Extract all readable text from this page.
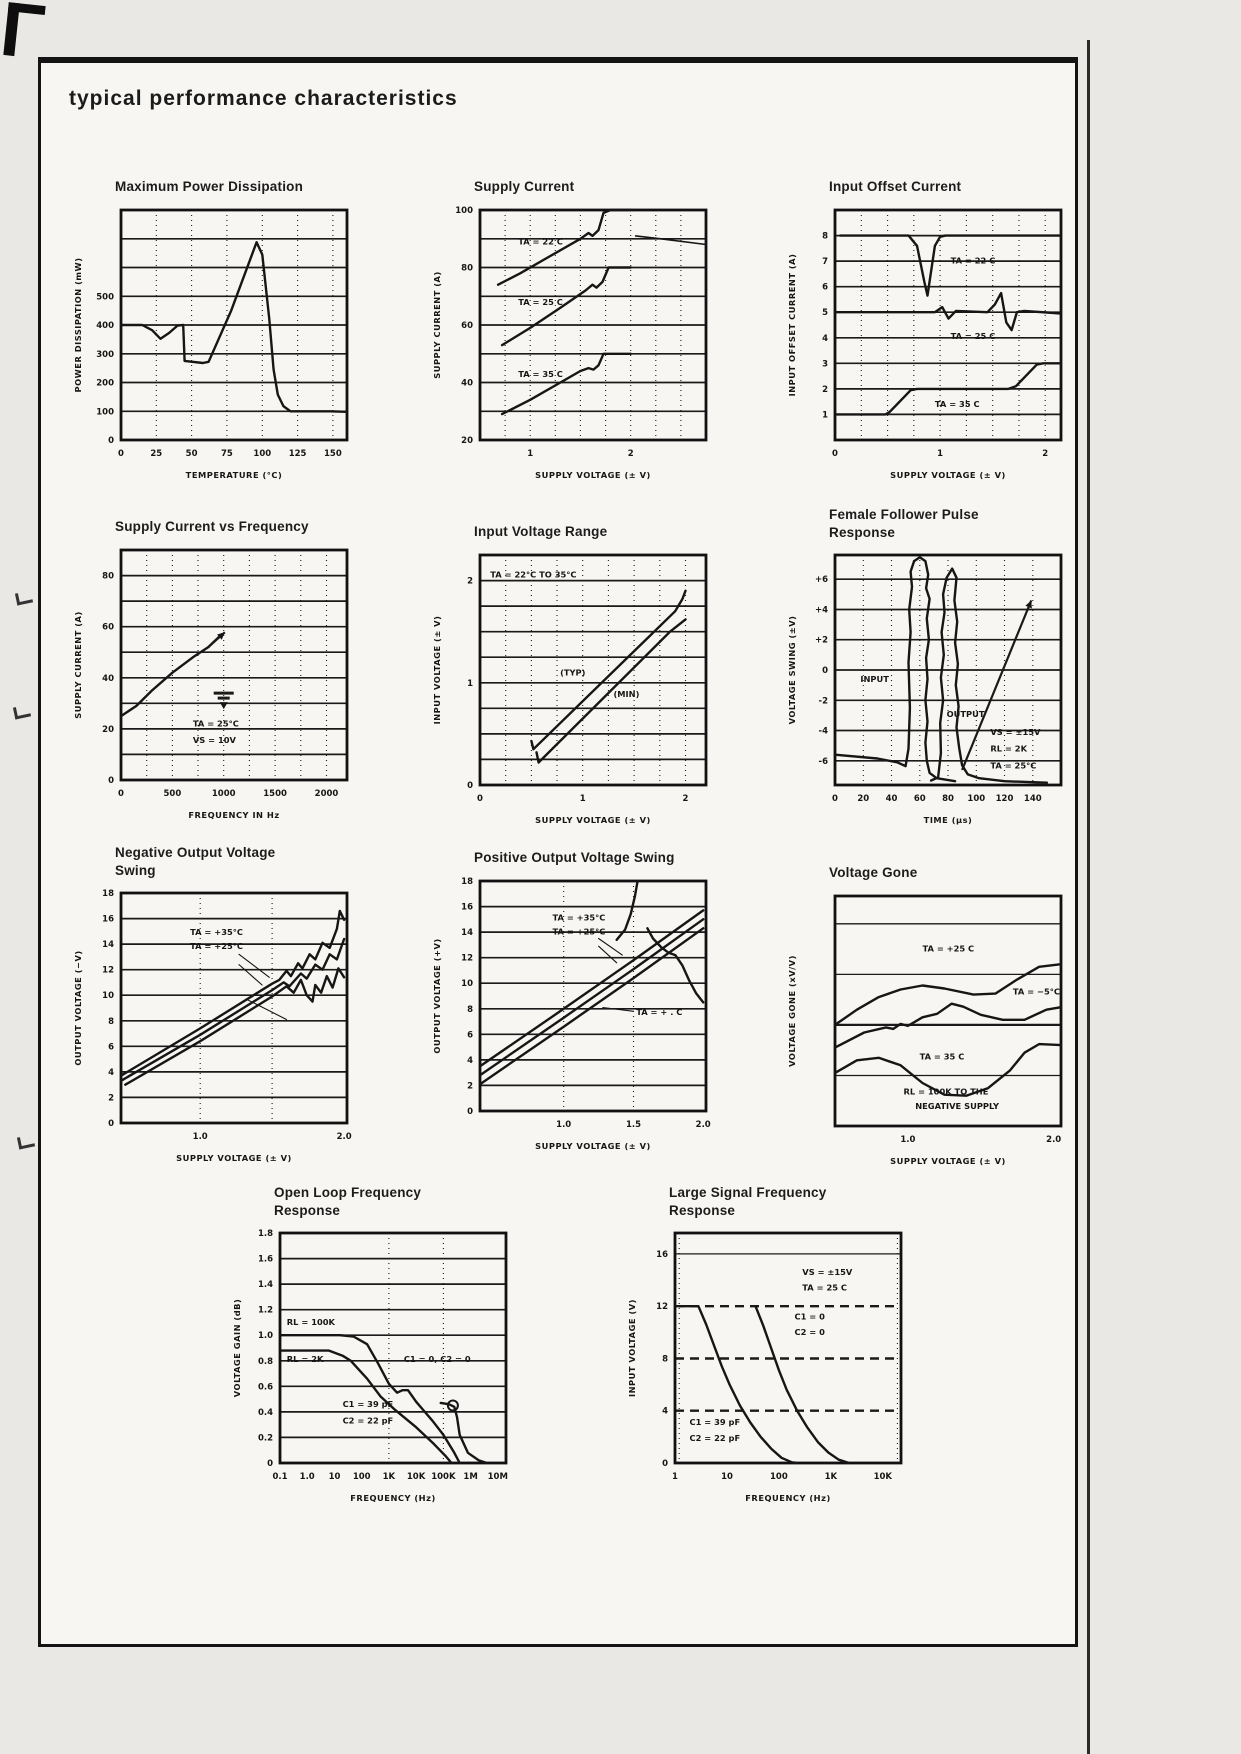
typical performance characteristics
Maximum Power Dissipation
500
400
300
200
100
0
0	25	50	75 100 125 150
POWER DISSIPATION (mW)
TEMPERATURE (°C)
Supply Current
100
80
60
40
20
1	2
TA = 22 C
TA = 25 C
TA = 35 C
SUPPLY CURRENT (A)
SUPPLY VOLTAGE (± V)
Input Offset Current
8
7
6
5
4
3
2
1
0	1	2
TA = 22 C
TA = 25 C
TA = 35 C
INPUT OFFSET CURRENT (A)
SUPPLY VOLTAGE (± V)
Supply Current vs Frequency
80
60
40
20
0
0	500	1000	1500	2000
TA = 25°C
VS = 10V
SUPPLY CURRENT (A)
FREQUENCY IN Hz
Input Voltage Range
2
1
0
0	1	2
TA = 22°C TO 35°C
(TYP)
(MIN)
INPUT VOLTAGE (± V)
SUPPLY VOLTAGE (± V)
Female Follower Pulse Response
+6
+4
+2
0
-2
-4
-6
0 20 40 60 80 100 120 140
INPUT
OUTPUT
VS = ±15V
RL = 2K
TA = 25°C
VOLTAGE SWING (±V)
TIME (µs)
Negative Output Voltage Swing
18
16
14
12
10
8
6
4
2
0
1.0	2.0
TA = +35°C
TA = +25°C
OUTPUT VOLTAGE (−V)
SUPPLY VOLTAGE (± V)
Positive Output Voltage Swing
18
16
14
12
10
8
6
4
2
0
1.0	1.5	2.0
TA = +35°C
TA = +25°C
TA = + . C
OUTPUT VOLTAGE (+V)
SUPPLY VOLTAGE (± V)
Voltage Gone
1.0	2.0
TA = +25 C
TA = −5°C
TA = 35 C
RL = 100K TO THE
NEGATIVE SUPPLY
VOLTAGE GONE (xV/V)
SUPPLY VOLTAGE (± V)
Open Loop Frequency Response
1.8
1.6
1.4
1.2
1.0
0.8
0.6
0.4
0.2
0
0.1 1.0 10 100 1K 10K 100K 1M 10M
RL = 100K
RL = 2K	C1 = 0, C2 = 0
C1 = 39 pF
C2 = 22 pF
VOLTAGE GAIN (dB)
FREQUENCY (Hz)
Large Signal Frequency Response
16
12
8
4
0
1	10	100	1K	10K
VS = ±15V
TA = 25 C
C1 = 0
C2 = 0
C1 = 39 pF
C2 = 22 pF
INPUT VOLTAGE (V)
FREQUENCY (Hz)
